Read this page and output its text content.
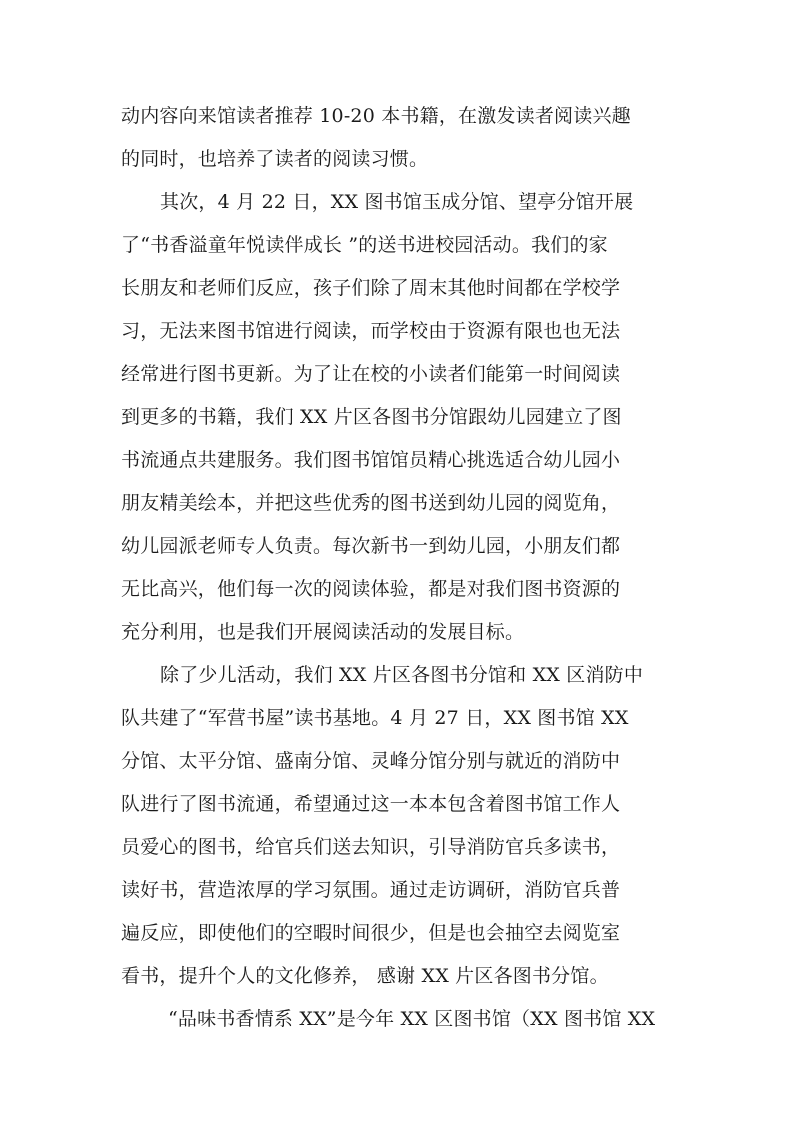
动内容向来馆读者推荐 10-20 本书籍，在激发读者阅读兴趣
的同时，也培养了读者的阅读习惯。
其次，4 月 22 日，XX 图书馆玉成分馆、望亭分馆开展
了“书香溢童年悦读伴成长 ”的送书进校园活动。我们的家
长朋友和老师们反应，孩子们除了周末其他时间都在学校学
习，无法来图书馆进行阅读，而学校由于资源有限也也无法
经常进行图书更新。为了让在校的小读者们能第一时间阅读
到更多的书籍，我们 XX 片区各图书分馆跟幼儿园建立了图
书流通点共建服务。我们图书馆馆员精心挑选适合幼儿园小
朋友精美绘本，并把这些优秀的图书送到幼儿园的阅览角，
幼儿园派老师专人负责。每次新书一到幼儿园，小朋友们都
无比高兴，他们每一次的阅读体验，都是对我们图书资源的
充分利用，也是我们开展阅读活动的发展目标。
除了少儿活动，我们 XX 片区各图书分馆和 XX 区消防中
队共建了“军营书屋”读书基地。4 月 27 日，XX 图书馆 XX
分馆、太平分馆、盛南分馆、灵峰分馆分别与就近的消防中
队进行了图书流通，希望通过这一本本包含着图书馆工作人
员爱心的图书，给官兵们送去知识，引导消防官兵多读书，
读好书，营造浓厚的学习氛围。通过走访调研，消防官兵普
遍反应，即使他们的空暇时间很少，但是也会抽空去阅览室
看书，提升个人的文化修养， 感谢 XX 片区各图书分馆。
“品味书香情系 XX”是今年 XX 区图书馆（XX 图书馆 XX
